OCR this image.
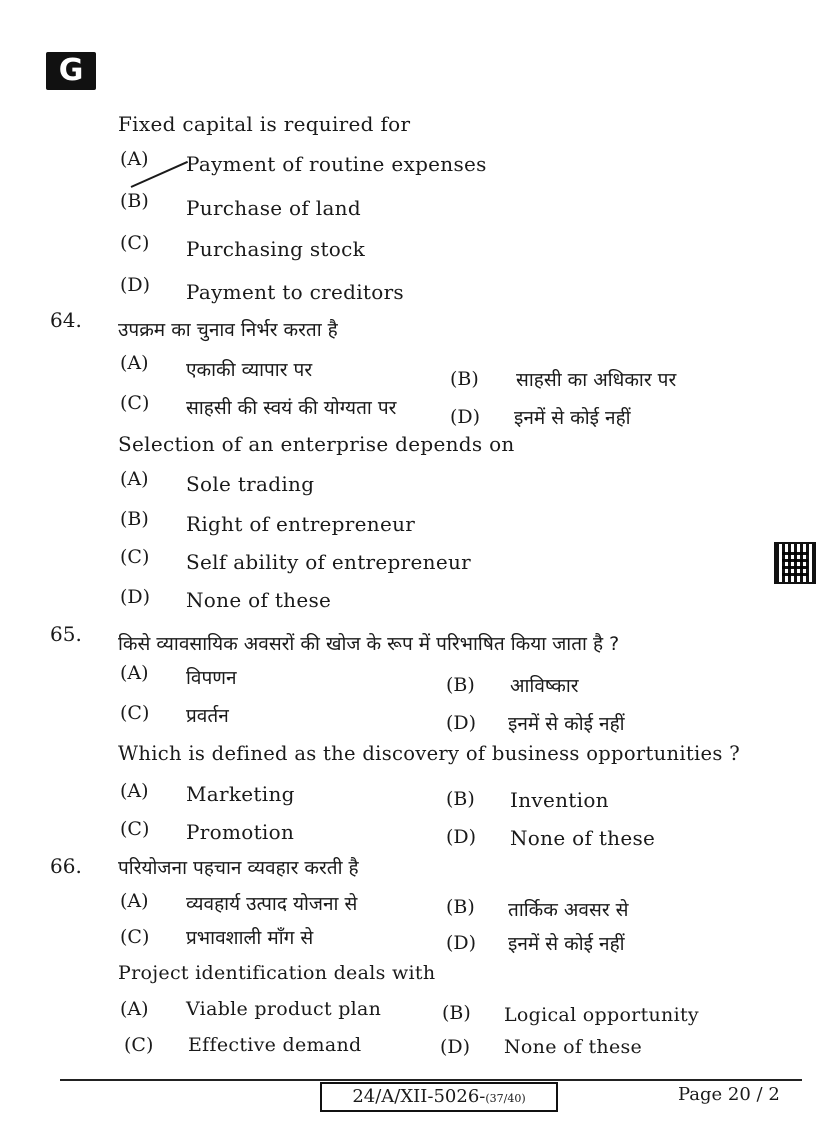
G
Fixed capital is required for
(A) Payment of routine expenses
(B) Purchase of land
(C) Purchasing stock
(D) Payment to creditors
64. उपक्रम का चुनाव निर्भर करता है
(A) एकाकी व्यापार पर	(B) साहसी का अधिकार पर
(C) साहसी की स्वयं की योग्यता पर	(D) इनमें से कोई नहीं
Selection of an enterprise depends on
(A) Sole trading
(B) Right of entrepreneur
(C) Self ability of entrepreneur
(D) None of these
65. किसे व्यावसायिक अवसरों की खोज के रूप में परिभाषित किया जाता है ?
(A) विपणन	(B) आविष्कार
(C) प्रवर्तन	(D) इनमें से कोई नहीं
Which is defined as the discovery of business opportunities ?
(A) Marketing	(B) Invention
(C) Promotion	(D) None of these
66. परियोजना पहचान व्यवहार करती है
(A) व्यवहार्य उत्पाद योजना से	(B) तार्किक अवसर से
(C) प्रभावशाली माँग से	(D) इनमें से कोई नहीं
Project identification deals with
(A) Viable product plan	(B) Logical opportunity
(C) Effective demand	(D) None of these
24/A/XII-5026-(37/40)	Page 20 / 2
